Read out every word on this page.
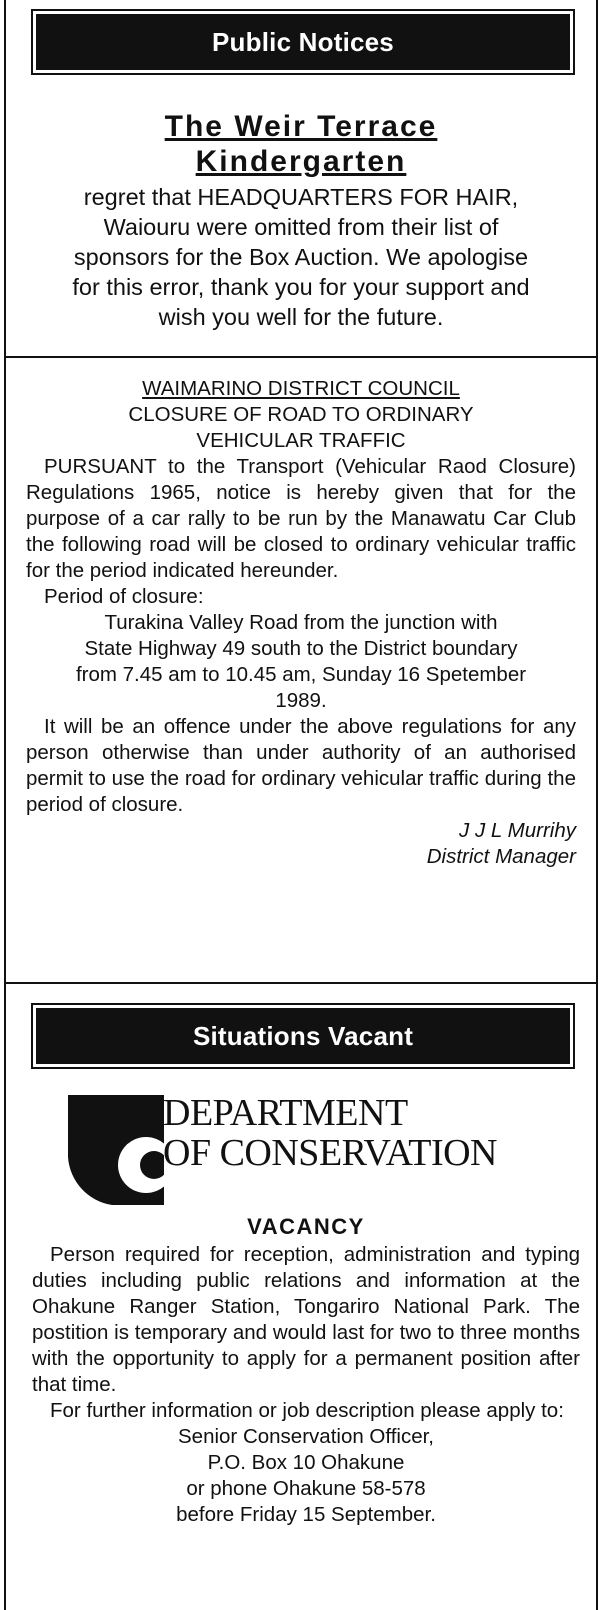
Public Notices
The Weir Terrace
Kindergarten
regret that HEADQUARTERS FOR HAIR,
Waiouru were omitted from their list of
sponsors for the Box Auction. We apologise
for this error, thank you for your support and
wish you well for the future.
WAIMARINO DISTRICT COUNCIL
CLOSURE OF ROAD TO ORDINARY
VEHICULAR TRAFFIC
PURSUANT to the Transport (Vehicular Raod Closure) Regulations 1965, notice is hereby given that for the purpose of a car rally to be run by the Manawatu Car Club the following road will be closed to ordinary vehicular traffic for the period indicated hereunder.
Period of closure:
Turakina Valley Road from the junction with
State Highway 49 south to the District boundary
from 7.45 am to 10.45 am, Sunday 16 Spetember
1989.
It will be an offence under the above regulations for any person otherwise than under authority of an authorised permit to use the road for ordinary vehicular traffic during the period of closure.
J J L Murrihy
District Manager
Situations Vacant
DEPARTMENT
OF CONSERVATION
VACANCY
Person required for reception, administration and typing duties including public relations and information at the Ohakune Ranger Station, Tongariro National Park. The postition is temporary and would last for two to three months with the opportunity to apply for a permanent position after that time.
For further information or job description please apply to:
Senior Conservation Officer,
P.O. Box 10 Ohakune
or phone Ohakune 58-578
before Friday 15 September.
